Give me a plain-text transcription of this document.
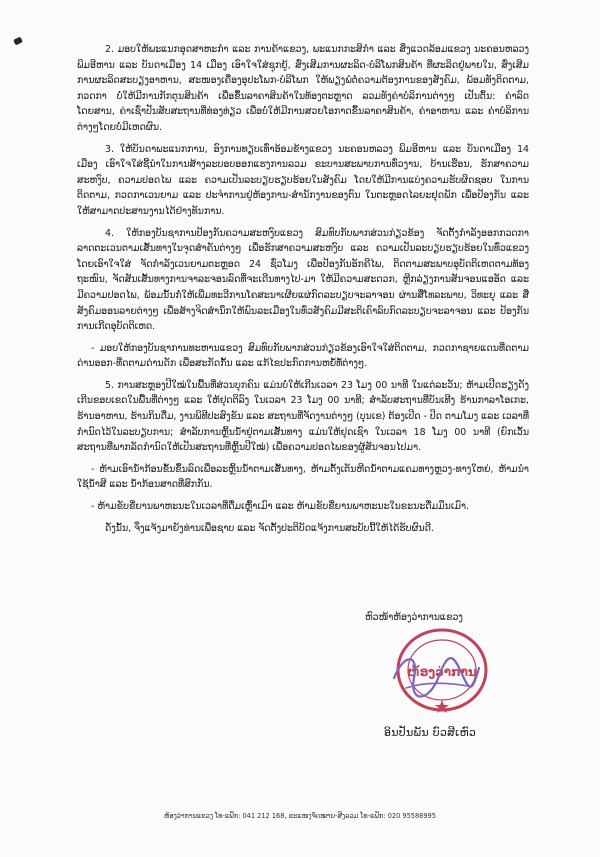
2. ມອບໃຫ້ພະແນກອຸດສາຫະກຳ ແລະ ການຄ້າແຂວງ, ພະແນກກະສິກຳ ແລະ ສິ່ງແວດລ້ອມແຂວງ ນະຄອນຫລວງ ພິມອີຫານ ແລະ ບັນດາເມືອງ 14 ເມືອງ ເອົາໃຈໃສ່ຊຸກຍູ້, ສົ່ງເສີມການຜະລິດ-ບໍລິໂພກສິນຄ້າ ທີ່ຜະລິດຢູ່ພາຍໃນ, ສົ່ງເສີມການຜະລິດສະບຽງອາຫານ, ສະໜອງເຄື່ອງອຸປະໂພກ-ບໍລິໂພກ ໃຫ້ພຽງພໍຕໍ່ຄວາມຕ້ອງການຂອງສັງຄົມ, ພ້ອມທັງຕິດຕາມ, ກວດກາ ບໍ່ໃຫ້ມີການກັກຕຸນສິນຄ້າ ເພື່ອຂຶ້ນລາຄາສິນຄ້າໃນທ້ອງຕະຫຼາດ ລວມທັງຄ່າບໍລິການຕ່າງໆ ເປັນຕົ້ນ: ຄ່າລົດໂດຍສານ, ຄ່າເຊົ່າປັນສັບສະຖານທີ່ທ່ອງທ່ຽວ ເພື່ອບໍ່ໃຫ້ມີການສວຍໂອກາດຂຶ້ນລາຄາສິນຄ້າ, ຄ່າອາຫານ ແລະ ຄ່າບໍລິການຕ່າງໆໂດຍບໍ່ມີເຫດຜົນ.

3. ໃຫ້ບັນດາພະແນກການ, ອົງການທຽບເທົ່າອ້ອມຂ້າງແຂວງ ນະຄອນຫລວງ ພິມອີຫານ ແລະ ບັນດາເມືອງ 14 ເມືອງ ເອົາໃຈໃສ່ຊີ້ນຳໃນການສ້າງລະບອບອອກແຮງການລວມ ຂະບານສະພາບການທົ່ວງານ, ບ້ານເຮືອນ, ຮັກສາຄວາມສະຫງົບ, ຄວາມປອດໄພ ແລະ ຄວາມເປັນລະບຽບຮຽບຮ້ອຍໃນສັງຄົມ ໂດຍໃຫ້ມີການແບ່ງຄວາມຮັບຜິດຊອບ ໃນການຕິດຕາມ, ກວດກາເວນຍາມ ແລະ ປະຈຳການຢູ່ຫ້ອງການ-ສຳນັກງານຂອງຕົນ ໃນຕະຫຼອດໄລຍະຢຸດພັກ ເພື່ອປ້ອງກັນ ແລະ ໃຫ້ສາມາດປະສານງານໄດ້ຢ່າງທັນການ.

4. ໃຫ້ກອງບັນຊາການປ້ອງກັນຄວາມສະຫງົບແຂວງ ສົມທົບກັບພາກສ່ວນກ່ຽວຂ້ອງ ຈັດຕັ້ງກຳລັງອອກກວດກາລາດຕະເວນຕາມເສັ້ນທາງໃນຈຸດສຳຄັນຕ່າງໆ ເພື່ອຮັກສາຄວາມສະຫງົບ ແລະ ຄວາມເປັນລະບຽບຮຽບຮ້ອຍໃນທົ່ວແຂວງ ໂດຍເອົາໃຈໃສ່ ຈັດກຳລັງເວນຍາມຕະຫຼອດ 24 ຊົ່ວໂມງ ເພື່ອປ້ອງກັນອັກຄີໄພ, ຕິດຕາມສະພາບອຸບັດຕິເຫດຕາມທ້ອງຖະໜົນ, ຈັດສັນເສັ້ນທາງການຈາລະຈອນລົດທີ່ຈະເດີນທາງໄປ-ມາ ໃຫ້ມີຄວາມສະດວກ, ຫຼີກລ່ຽງການສັນຈອນແອອັດ ແລະ ມີຄວາມປອດໄພ, ພ້ອມນັ້ນກໍ່ໃຫ້ເພີ່ມທະວີການໂຄສະນາເຜີຍແຜ່ກົດລະບຽບຈະລາຈອນ ຜ່ານສື່ໂທລະພາບ, ວິທະຍຸ ແລະ ສື່ສັງຄົມອອນລາຍຕ່າງໆ ເພື່ອສ້າງຈິດສຳນຶກໃຫ້ພົນລະເມືອງໃນທົ່ວສັງຄົມມີສະຕິເຄົາລົບກົດລະບຽບຈະລາຈອນ ແລະ ປ້ອງກັນການເກີດອຸບັດຕິເຫດ.

- ມອບໃຫ້ກອງບັນຊາການທະຫານແຂວງ ສົມທົບກັບພາກສ່ວນກ່ຽວຂ້ອງເອົາໃຈໃສ່ຕິດຕາມ, ກວດກາຊາຍແດນທີ່ດຕາມດ່ານອອກ-ທີ່ດຕາມດ່ານດັກ ເພື່ອສະກັດກັ້ນ ແລະ ແກ້ໄຂປະກົດການຫຍໍ້ທໍ້ຕ່າງໆ.

5. ການສະຫຼອງປີໃໝ່ໃນພື້ນທີ່ສ່ວນບຸກຄົນ ແມ່ນບໍ່ໃຫ້ເກີນເວລາ 23 ໂມງ 00 ນາທີ ໃນແຕ່ລະວັນ; ຫ້າມເປີດຮຽງດັງເກີນຂອບເຂດໃນພື້ນທີ່ຕ່າງໆ ແລະ ໃຫ້ຢຸດຕິລົງ ໃນເວລາ 23 ໂມງ 00 ນາທີ; ສຳລັບສະຖານທີ່ບັນເທີງ ຮ້ານກາລາໂອເກະ, ຮ້ານອາຫານ, ຮ້ານກິນດື່ມ, ງານພິທີປະສົງຂັນ ແລະ ສະຖານທີ່ຈັດງານຕ່າງໆ (ບຸນເຂ) ຕ້ອງເປີດ - ປິດ ຕາມໂມງ ແລະ ເວລາທີ່ກຳນົດໄວ້ໃນລະບຽບການ; ສຳລັບການຫຼິ້ນນ້ຳຢູ່ຕາມເສັ້ນທາງ ແມ່ນໃຫ້ຢຸດເຊົາ ໃນເວລາ 18 ໂມງ 00 ນາທີ (ຍົກເວັ້ນ ສະຖານທີ່ພາກລັດກຳນົດໃຫ້ເປັນສະຖານທີ່ຫຼິ້ນປີໃໝ່) ເພື່ອຄວາມປອດໄພຂອງຜູ້ສັນຈອນໄປມາ.

- ຫ້າມເອົານ້ຳກ້ອນຂັ້ນຂຶ້ນລົດເພື່ອລະຫຼິ້ນນ້ຳຕາມເສັ້ນທາງ, ຫ້າມຕັ້ງເຕັນຫີດນ້ຳຕາມແຄມທາງຫຼວງ-ທາງໃຫຍ່, ຫ້າມນຳໃຊ້ນ້ຳສີ ແລະ ນ້ຳກ້ອນສາດທີ່ສົກກັນ.

- ຫ້າມຂັບຂີ່ຍານພາຫະນະໃນເວລາທີ່ດື່ມເຫຼົ້າເມົາ ແລະ ຫ້າມຂັບຂີ່ຍານພາຫະນະໃນຂະນະດື່ມມຶນເມົາ.

ດັ່ງນັ້ນ, ຈຶ່ງແຈ້ງມາຍັງທ່ານເພື່ອຊາບ ແລະ ຈັດຕັ້ງປະຕິບັດແຈ້ງການສະບັບນີ້ໃຫ້ໄດ້ຮັບຜົນດີ.

ຫົວໜ້າຫ້ອງວ່າການແຂວງ
ຫ້ອງວ່າການ
ອິ​ນປັນພັນ ບົວສີເຫົວ
ຫ້ອງວ່າການແຂວງ ໂທ-ແຟັກ: 041 212 168, ຂະແໜງຈົດໝາຍ-ສີງລວມ ໂທ-ແຟັກ: 020 95588995
